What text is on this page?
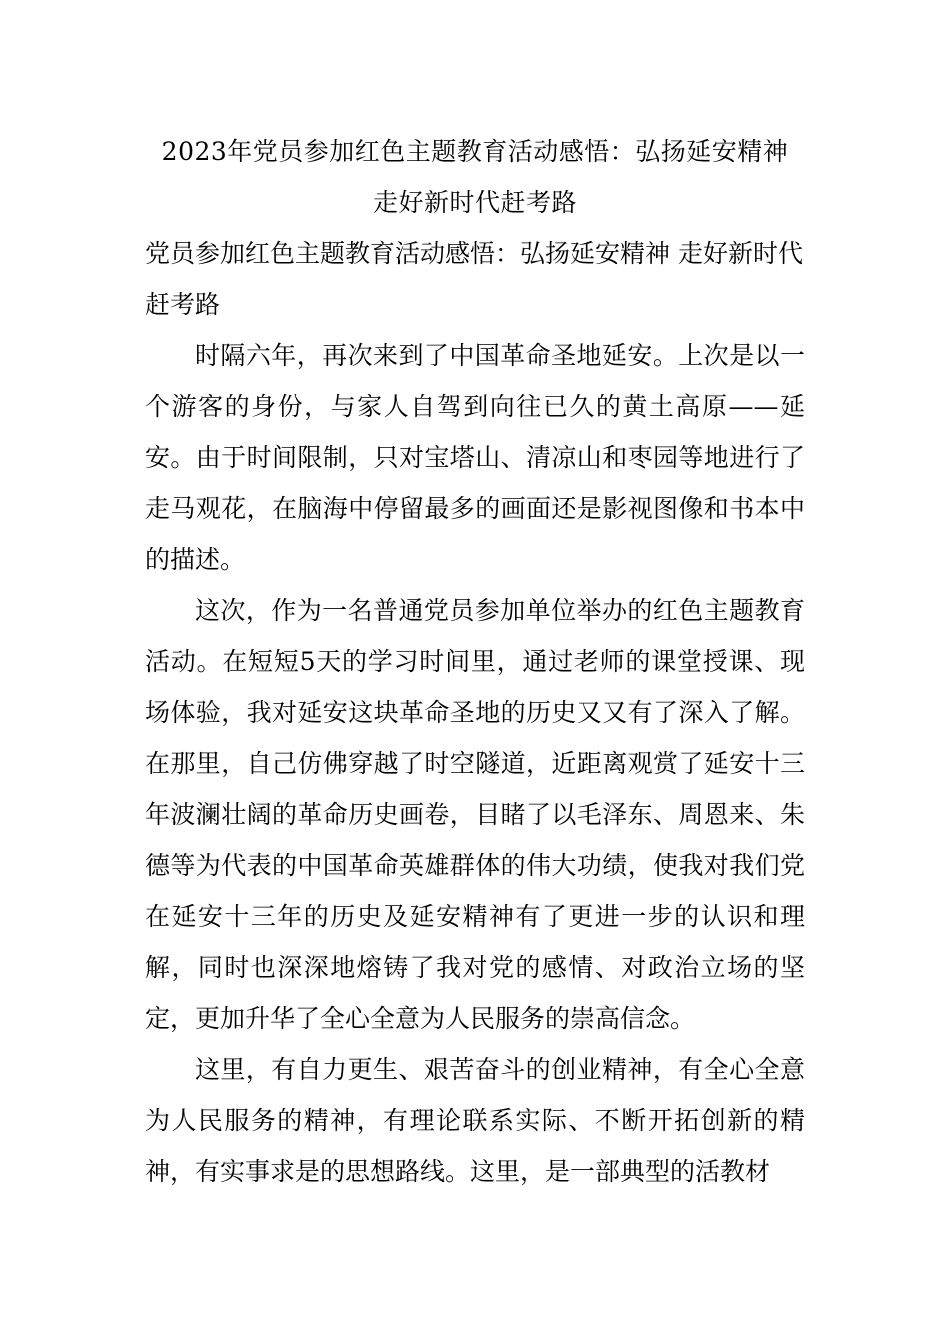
2023年党员参加红色主题教育活动感悟：弘扬延安精神
走好新时代赶考路

党员参加红色主题教育活动感悟：弘扬延安精神 走好新时代赶考路

时隔六年，再次来到了中国革命圣地延安。上次是以一个游客的身份，与家人自驾到向往已久的黄土高原——延安。由于时间限制，只对宝塔山、清凉山和枣园等地进行了走马观花，在脑海中停留最多的画面还是影视图像和书本中的描述。

这次，作为一名普通党员参加单位举办的红色主题教育活动。在短短5天的学习时间里，通过老师的课堂授课、现场体验，我对延安这块革命圣地的历史又又有了深入了解。在那里，自己仿佛穿越了时空隧道，近距离观赏了延安十三年波澜壮阔的革命历史画卷，目睹了以毛泽东、周恩来、朱德等为代表的中国革命英雄群体的伟大功绩，使我对我们党在延安十三年的历史及延安精神有了更进一步的认识和理解，同时也深深地熔铸了我对党的感情、对政治立场的坚定，更加升华了全心全意为人民服务的崇高信念。

这里，有自力更生、艰苦奋斗的创业精神，有全心全意为人民服务的精神，有理论联系实际、不断开拓创新的精神，有实事求是的思想路线。这里，是一部典型的活教材
